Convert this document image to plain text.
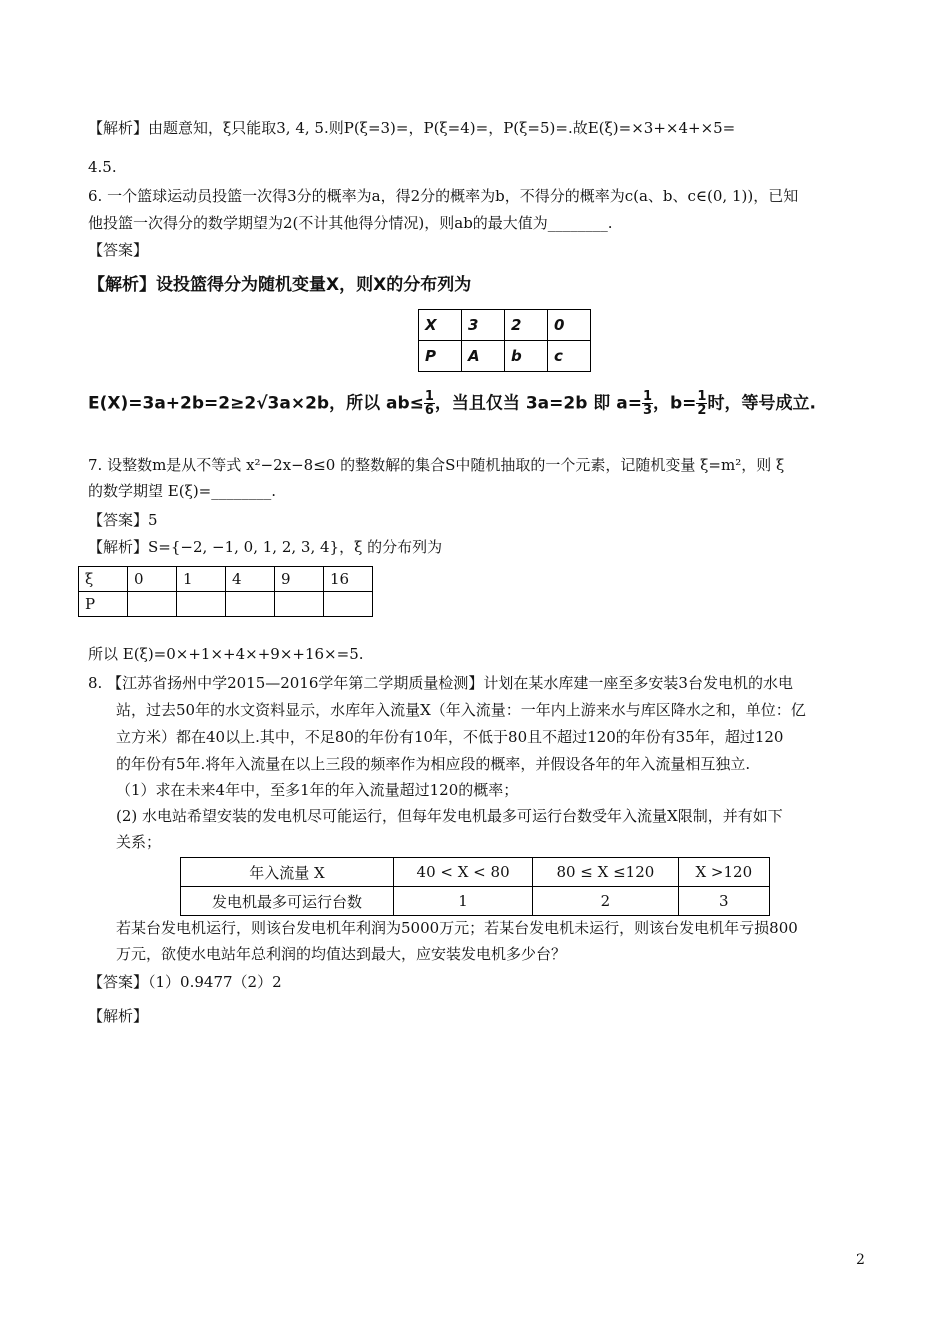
【解析】由题意知，ξ只能取3, 4, 5.则P(ξ=3)=，P(ξ=4)=，P(ξ=5)=.故E(ξ)=×3+×4+×5=
4.5.
6. 一个篮球运动员投篮一次得3分的概率为a，得2分的概率为b，不得分的概率为c(a、b、c∈(0, 1))，已知
他投篮一次得分的数学期望为2(不计其他得分情况)，则ab的最大值为________.
【答案】
【解析】设投篮得分为随机变量X，则X的分布列为
X	3	2	0
P	A	b	c
E(X)=3a+2b=2≥2√3a×2b，所以 $ab\le \frac{1}{6}$ ，当且仅当 3a=2b 即 $a= \frac{1}{3}$ ，$b= \frac{1}{2}$ 时，等号成立.
7. 设整数m是从不等式 x²−2x−8≤0 的整数解的集合S中随机抽取的一个元素，记随机变量 ξ=m²，则 ξ
的数学期望 E(ξ)=________.
【答案】5
【解析】S={−2, −1, 0, 1, 2, 3, 4}，ξ 的分布列为
ξ	0	1	4	9	16
P					
所以 E(ξ)=0×+1×+4×+9×+16×=5.
8. 【江苏省扬州中学2015—2016学年第二学期质量检测】计划在某水库建一座至多安装3台发电机的水电
站，过去50年的水文资料显示，水库年入流量X（年入流量：一年内上游来水与库区降水之和，单位：亿
立方米）都在40以上.其中，不足80的年份有10年，不低于80且不超过120的年份有35年，超过120
的年份有5年.将年入流量在以上三段的频率作为相应段的概率，并假设各年的年入流量相互独立.
（1）求在未来4年中，至多1年的年入流量超过120的概率；
(2) 水电站希望安装的发电机尽可能运行，但每年发电机最多可运行台数受年入流量X限制，并有如下
关系；
年入流量 X	40 < X < 80	80 ≤ X ≤120	X >120
发电机最多可运行台数	1	2	3
若某台发电机运行，则该台发电机年利润为5000万元；若某台发电机未运行，则该台发电机年亏损800
万元，欲使水电站年总利润的均值达到最大，应安装发电机多少台？
【答案】（1）0.9477（2）2
【解析】
2
